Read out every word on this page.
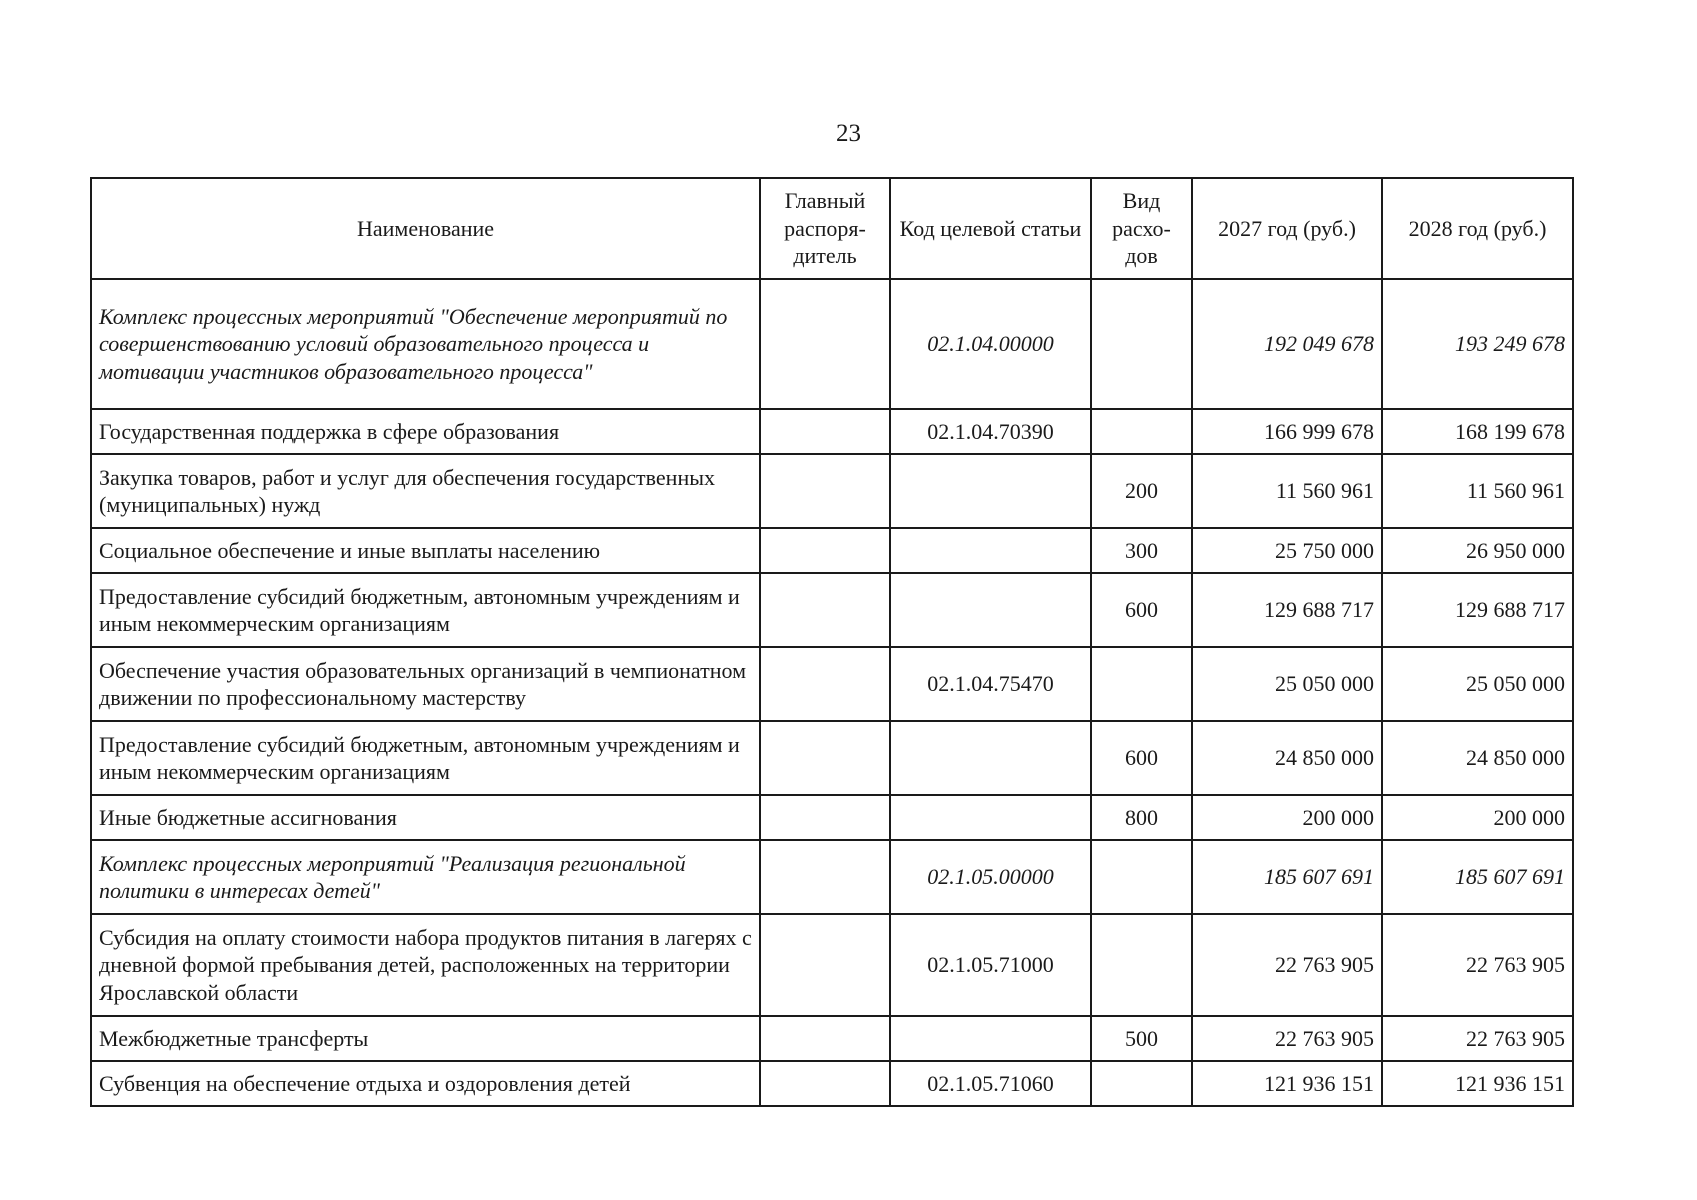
23
Наименование	Главный распоря-дитель	Код целевой статьи	Вид расхо-дов	2027 год (руб.)	2028 год (руб.)
Комплекс процессных мероприятий "Обеспечение мероприятий по совершенствованию условий образовательного процесса и мотивации участников образовательного процесса"		02.1.04.00000		192 049 678	193 249 678
Государственная поддержка в сфере образования		02.1.04.70390		166 999 678	168 199 678
Закупка товаров, работ и услуг для обеспечения государственных (муниципальных) нужд			200	11 560 961	11 560 961
Социальное обеспечение и иные выплаты населению			300	25 750 000	26 950 000
Предоставление субсидий бюджетным, автономным учреждениям и иным некоммерческим организациям			600	129 688 717	129 688 717
Обеспечение участия образовательных организаций в чемпионатном движении по профессиональному мастерству		02.1.04.75470		25 050 000	25 050 000
Предоставление субсидий бюджетным, автономным учреждениям и иным некоммерческим организациям			600	24 850 000	24 850 000
Иные бюджетные ассигнования			800	200 000	200 000
Комплекс процессных мероприятий "Реализация региональной политики в интересах детей"		02.1.05.00000		185 607 691	185 607 691
Субсидия на оплату стоимости набора продуктов питания в лагерях с дневной формой пребывания детей, расположенных на территории Ярославской области		02.1.05.71000		22 763 905	22 763 905
Межбюджетные трансферты			500	22 763 905	22 763 905
Субвенция на обеспечение отдыха и оздоровления детей		02.1.05.71060		121 936 151	121 936 151
